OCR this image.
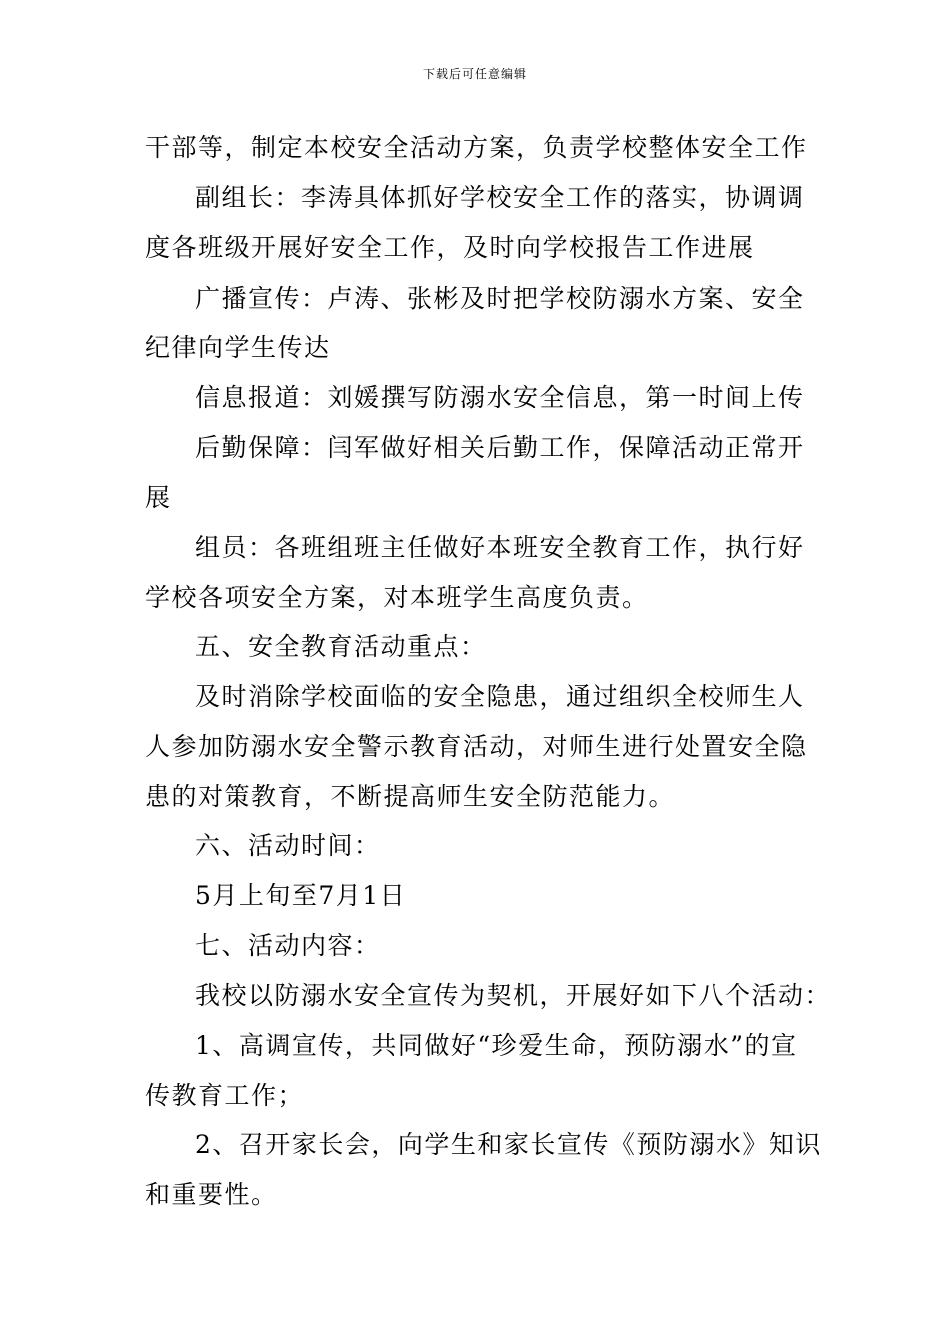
下载后可任意编辑
干部等，制定本校安全活动方案，负责学校整体安全工作
副组长：李涛具体抓好学校安全工作的落实，协调调
度各班级开展好安全工作，及时向学校报告工作进展
广播宣传：卢涛、张彬及时把学校防溺水方案、安全
纪律向学生传达
信息报道：刘媛撰写防溺水安全信息，第一时间上传
后勤保障：闫军做好相关后勤工作，保障活动正常开
展
组员：各班组班主任做好本班安全教育工作，执行好
学校各项安全方案，对本班学生高度负责。
五、安全教育活动重点：
及时消除学校面临的安全隐患，通过组织全校师生人
人参加防溺水安全警示教育活动，对师生进行处置安全隐
患的对策教育，不断提高师生安全防范能力。
六、活动时间：
5月上旬至7月1日
七、活动内容：
我校以防溺水安全宣传为契机，开展好如下八个活动：
1、高调宣传，共同做好“珍爱生命，预防溺水”的宣
传教育工作；
2、召开家长会，向学生和家长宣传《预防溺水》知识
和重要性。
